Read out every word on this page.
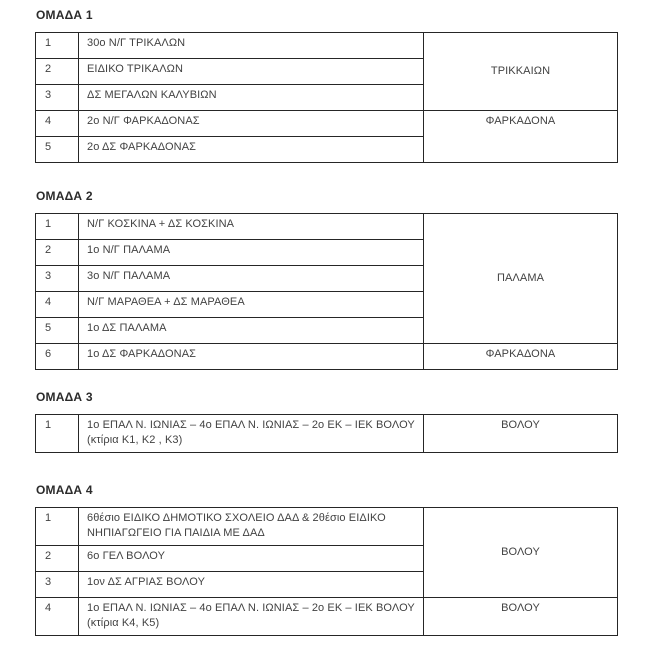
ΟΜΑΔΑ 1
1	30ο Ν/Γ ΤΡΙΚΑΛΩΝ	ΤΡΙΚΚΑΙΩΝ
2	ΕΙΔΙΚΟ ΤΡΙΚΑΛΩΝ	
3	ΔΣ ΜΕΓΑΛΩΝ ΚΑΛΥΒΙΩΝ	
4	2ο Ν/Γ ΦΑΡΚΑΔΟΝΑΣ	ΦΑΡΚΑΔΟΝΑ
5	2ο ΔΣ ΦΑΡΚΑΔΟΝΑΣ	
ΟΜΑΔΑ 2
1	Ν/Γ ΚΟΣΚΙΝΑ + ΔΣ ΚΟΣΚΙΝΑ	ΠΑΛΑΜΑ
2	1ο Ν/Γ ΠΑΛΑΜΑ	
3	3ο Ν/Γ ΠΑΛΑΜΑ	
4	Ν/Γ ΜΑΡΑΘΕΑ + ΔΣ ΜΑΡΑΘΕΑ	
5	1ο ΔΣ ΠΑΛΑΜΑ	
6	1ο ΔΣ ΦΑΡΚΑΔΟΝΑΣ	ΦΑΡΚΑΔΟΝΑ
ΟΜΑΔΑ 3
1	1ο ΕΠΑΛ Ν. ΙΩΝΙΑΣ – 4ο ΕΠΑΛ Ν. ΙΩΝΙΑΣ – 2ο ΕΚ – ΙΕΚ ΒΟΛΟΥ (κτίρια Κ1, Κ2 , Κ3)	ΒΟΛΟΥ
ΟΜΑΔΑ 4
1	6θέσιο ΕΙΔΙΚΟ ΔΗΜΟΤΙΚΟ ΣΧΟΛΕΙΟ ΔΑΔ & 2θέσιο ΕΙΔΙΚΟ ΝΗΠΙΑΓΩΓΕΙΟ ΓΙΑ ΠΑΙΔΙΑ ΜΕ ΔΑΔ	ΒΟΛΟΥ
2	6ο ΓΕΛ ΒΟΛΟΥ	
3	1ον ΔΣ ΑΓΡΙΑΣ ΒΟΛΟΥ	
4	1ο ΕΠΑΛ Ν. ΙΩΝΙΑΣ – 4ο ΕΠΑΛ Ν. ΙΩΝΙΑΣ – 2ο ΕΚ – ΙΕΚ ΒΟΛΟΥ (κτίρια Κ4, Κ5)	ΒΟΛΟΥ
